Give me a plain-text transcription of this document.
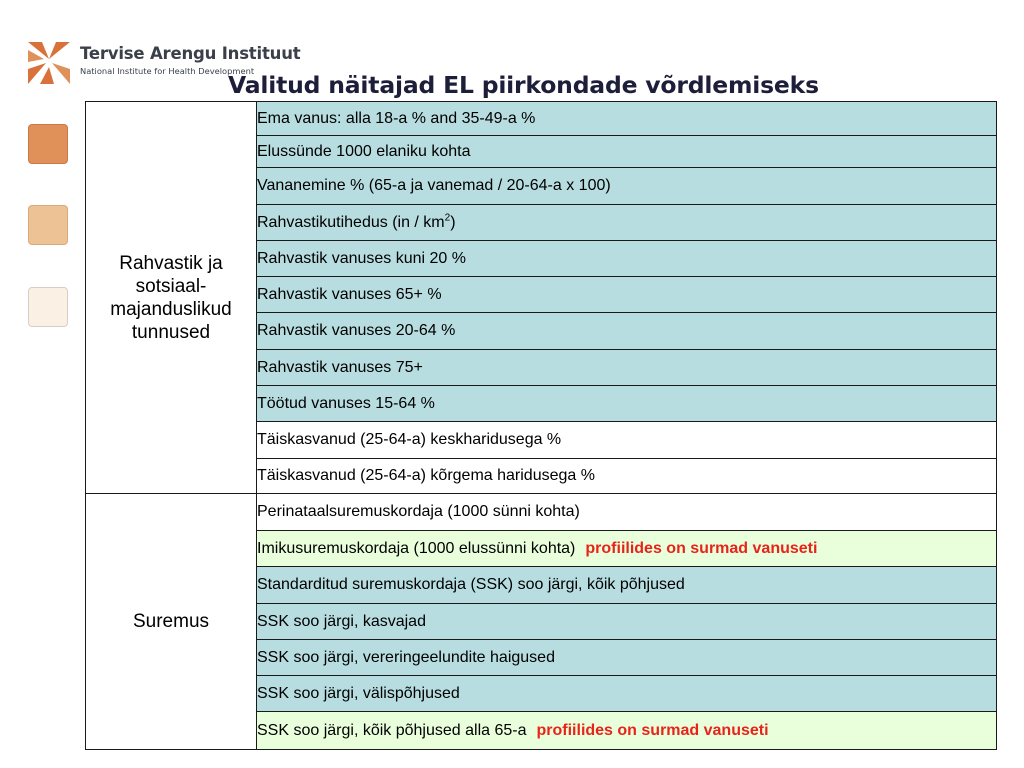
Tervise Arengu Instituut
National Institute for Health Development
Valitud näitajad EL piirkondade võrdlemiseks
Rahvastik ja sotsiaal-majanduslikud tunnused	Ema vanus: alla 18-a % and 35-49-a %
	Elussünde 1000 elaniku kohta
	Vananemine % (65-a ja vanemad / 20-64-a x 100)
	Rahvastikutihedus $(in / km^2)$
	Rahvastik vanuses kuni 20 %
	Rahvastik vanuses 65+ %
	Rahvastik vanuses 20-64 %
	Rahvastik vanuses 75+
	Töötud vanuses 15-64 %
	Täiskasvanud (25-64-a) keskharidusega %
	Täiskasvanud (25-64-a) kõrgema haridusega %
Suremus	Perinataalsuremuskordaja (1000 sünni kohta)
	Imikusuremuskordaja (1000 elussünni kohta) profiilides on surmad vanuseti
	Standarditud suremuskordaja (SSK) soo järgi, kõik põhjused
	SSK soo järgi, kasvajad
	SSK soo järgi, vereringeelundite haigused
	SSK soo järgi, välispõhjused
	SSK soo järgi, kõik põhjused alla 65-a profiilides on surmad vanuseti
